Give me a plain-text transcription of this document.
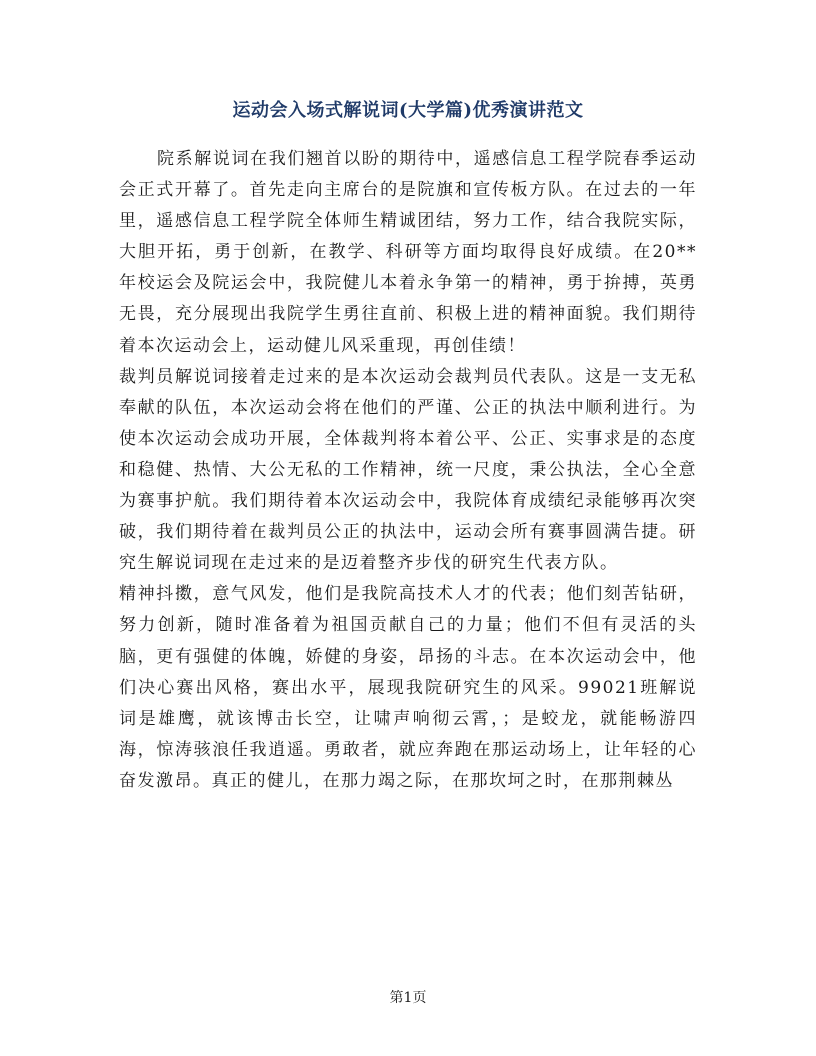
运动会入场式解说词(大学篇)优秀演讲范文

院系解说词在我们翘首以盼的期待中，遥感信息工程学院春季运动会正式开幕了。首先走向主席台的是院旗和宣传板方队。在过去的一年里，遥感信息工程学院全体师生精诚团结，努力工作，结合我院实际，大胆开拓，勇于创新，在教学、科研等方面均取得良好成绩。在20**年校运会及院运会中，我院健儿本着永争第一的精神，勇于拚搏，英勇无畏，充分展现出我院学生勇往直前、积极上进的精神面貌。我们期待着本次运动会上，运动健儿风采重现，再创佳绩！

裁判员解说词接着走过来的是本次运动会裁判员代表队。这是一支无私奉献的队伍，本次运动会将在他们的严谨、公正的执法中顺利进行。为使本次运动会成功开展，全体裁判将本着公平、公正、实事求是的态度和稳健、热情、大公无私的工作精神，统一尺度，秉公执法，全心全意为赛事护航。我们期待着本次运动会中，我院体育成绩纪录能够再次突破，我们期待着在裁判员公正的执法中，运动会所有赛事圆满告捷。研究生解说词现在走过来的是迈着整齐步伐的研究生代表方队。

精神抖擞，意气风发，他们是我院高技术人才的代表；他们刻苦钻研，努力创新，随时准备着为祖国贡献自己的力量；他们不但有灵活的头脑，更有强健的体魄，娇健的身姿，昂扬的斗志。在本次运动会中，他们决心赛出风格，赛出水平，展现我院研究生的风采。99021班解说词是雄鹰，就该博击长空，让啸声响彻云霄，；是蛟龙，就能畅游四海，惊涛骇浪任我逍遥。勇敢者，就应奔跑在那运动场上，让年轻的心奋发激昂。真正的健儿，在那力竭之际，在那坎坷之时，在那荆棘丛

第1页
